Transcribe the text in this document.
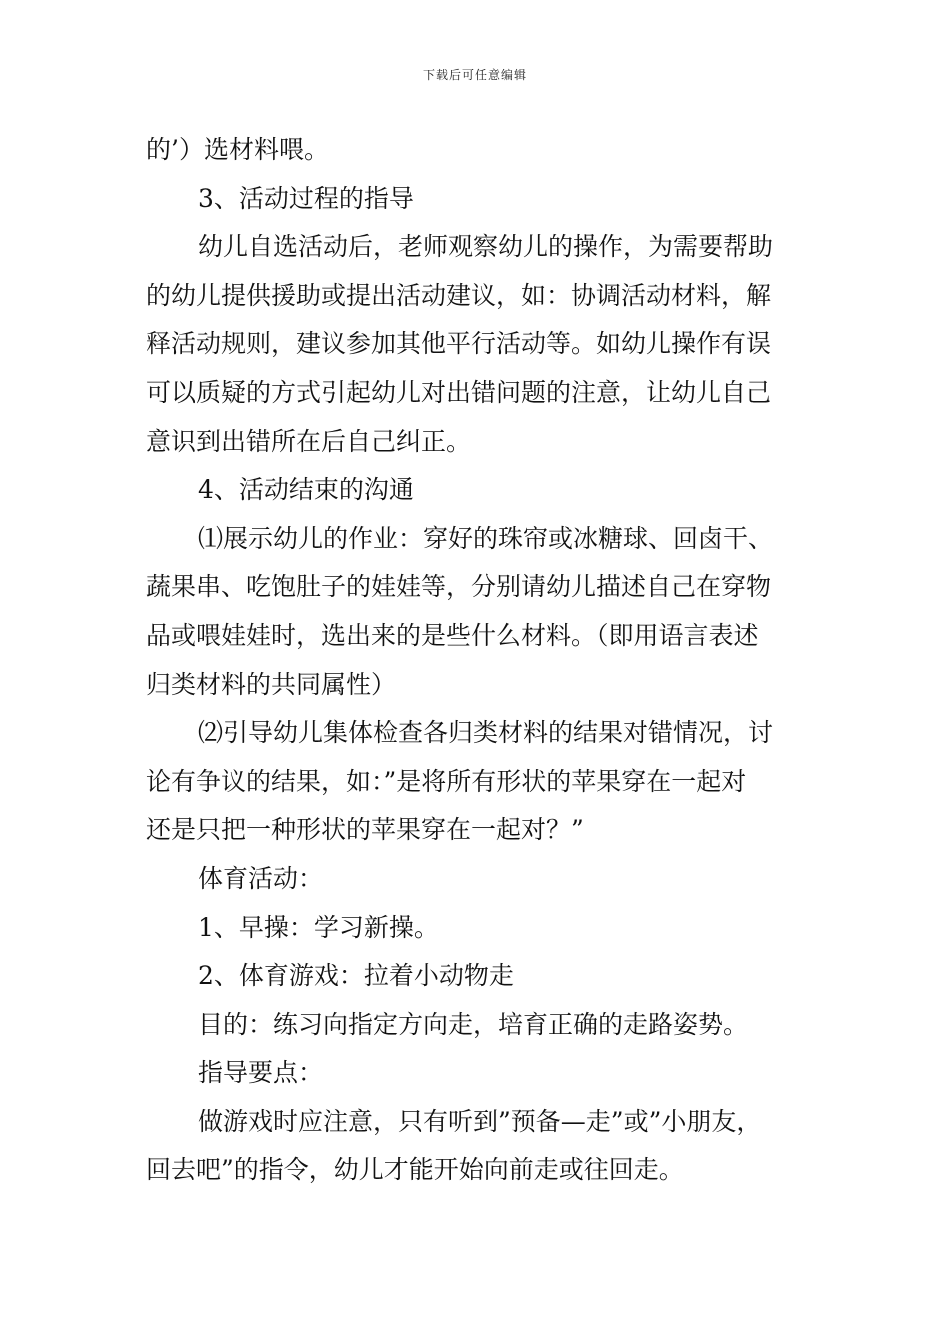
下载后可任意编辑
的’）选材料喂。
3、活动过程的指导
幼儿自选活动后，老师观察幼儿的操作，为需要帮助
的幼儿提供援助或提出活动建议，如：协调活动材料，解
释活动规则，建议参加其他平行活动等。如幼儿操作有误
可以质疑的方式引起幼儿对出错问题的注意，让幼儿自己
意识到出错所在后自己纠正。
4、活动结束的沟通
⑴展示幼儿的作业：穿好的珠帘或冰糖球、回卤干、
蔬果串、吃饱肚子的娃娃等，分别请幼儿描述自己在穿物
品或喂娃娃时，选出来的是些什么材料。（即用语言表述
归类材料的共同属性）
⑵引导幼儿集体检查各归类材料的结果对错情况，讨
论有争议的结果，如：”是将所有形状的苹果穿在一起对
还是只把一种形状的苹果穿在一起对？”
体育活动：
1、早操：学习新操。
2、体育游戏：拉着小动物走
目的：练习向指定方向走，培育正确的走路姿势。
指导要点：
做游戏时应注意，只有听到”预备—走”或”小朋友，
回去吧”的指令，幼儿才能开始向前走或往回走。
